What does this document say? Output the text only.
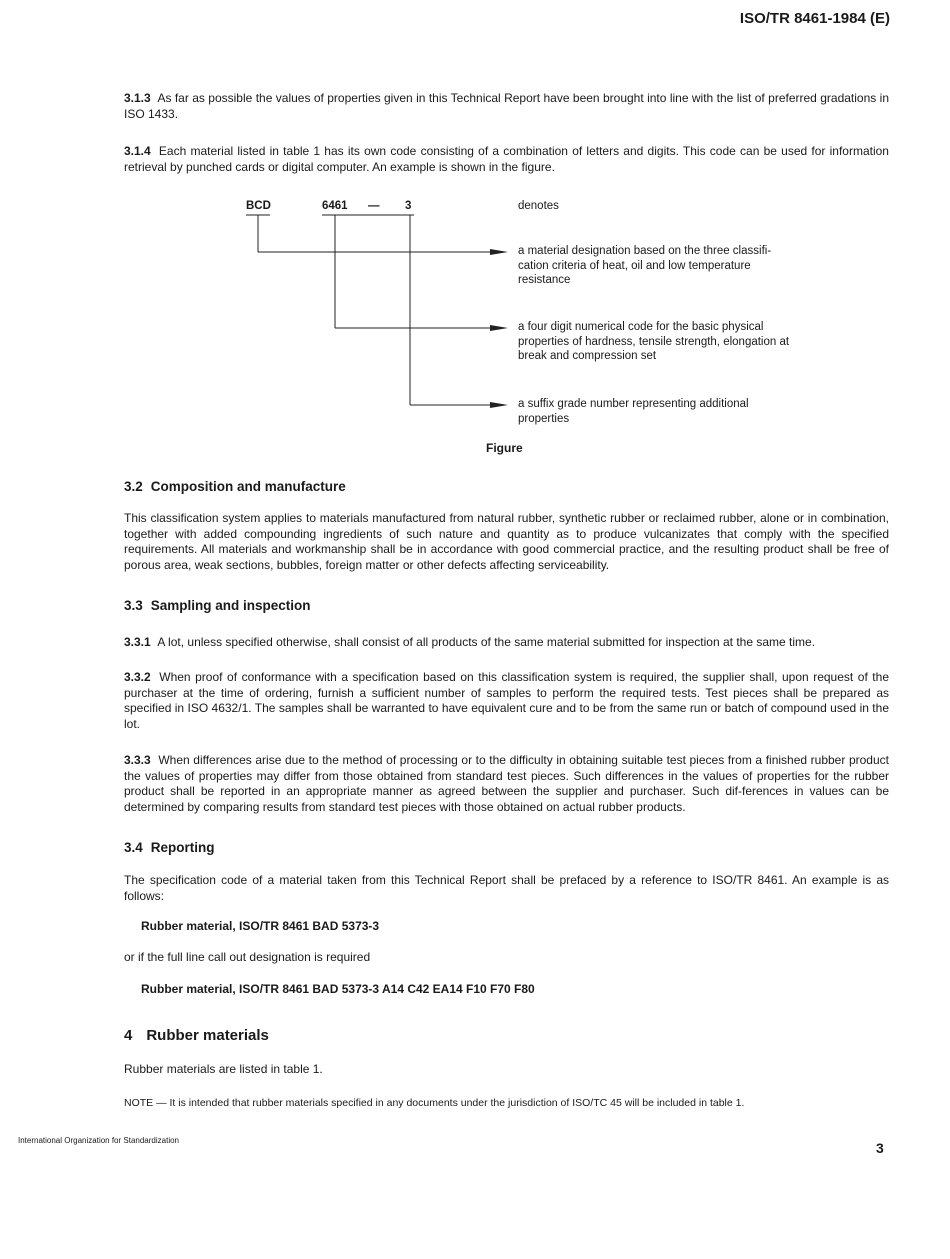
ISO/TR 8461-1984 (E)
3.1.3 As far as possible the values of properties given in this Technical Report have been brought into line with the list of preferred gradations in ISO 1433.
3.1.4 Each material listed in table 1 has its own code consisting of a combination of letters and digits. This code can be used for information retrieval by punched cards or digital computer. An example is shown in the figure.
BCD	6461 — 3	denotes
a material designation based on the three classifi-cation criteria of heat, oil and low temperature resistance
a four digit numerical code for the basic physical properties of hardness, tensile strength, elongation at break and compression set
a suffix grade number representing additional properties
Figure
3.2 Composition and manufacture
This classification system applies to materials manufactured from natural rubber, synthetic rubber or reclaimed rubber, alone or in combination, together with added compounding ingredients of such nature and quantity as to produce vulcanizates that comply with the specified requirements. All materials and workmanship shall be in accordance with good commercial practice, and the resulting product shall be free of porous area, weak sections, bubbles, foreign matter or other defects affecting serviceability.
3.3 Sampling and inspection
3.3.1 A lot, unless specified otherwise, shall consist of all products of the same material submitted for inspection at the same time.
3.3.2 When proof of conformance with a specification based on this classification system is required, the supplier shall, upon request of the purchaser at the time of ordering, furnish a sufficient number of samples to perform the required tests. Test pieces shall be prepared as specified in ISO 4632/1. The samples shall be warranted to have equivalent cure and to be from the same run or batch of compound used in the lot.
3.3.3 When differences arise due to the method of processing or to the difficulty in obtaining suitable test pieces from a finished rubber product the values of properties may differ from those obtained from standard test pieces. Such differences in the values of properties for the rubber product shall be reported in an appropriate manner as agreed between the supplier and purchaser. Such dif-ferences in values can be determined by comparing results from standard test pieces with those obtained on actual rubber products.
3.4 Reporting
The specification code of a material taken from this Technical Report shall be prefaced by a reference to ISO/TR 8461. An example is as follows:
Rubber material, ISO/TR 8461 BAD 5373-3
or if the full line call out designation is required
Rubber material, ISO/TR 8461 BAD 5373-3 A14 C42 EA14 F10 F70 F80
4 Rubber materials
Rubber materials are listed in table 1.
NOTE — It is intended that rubber materials specified in any documents under the jurisdiction of ISO/TC 45 will be included in table 1.
International Organization for Standardization	3
